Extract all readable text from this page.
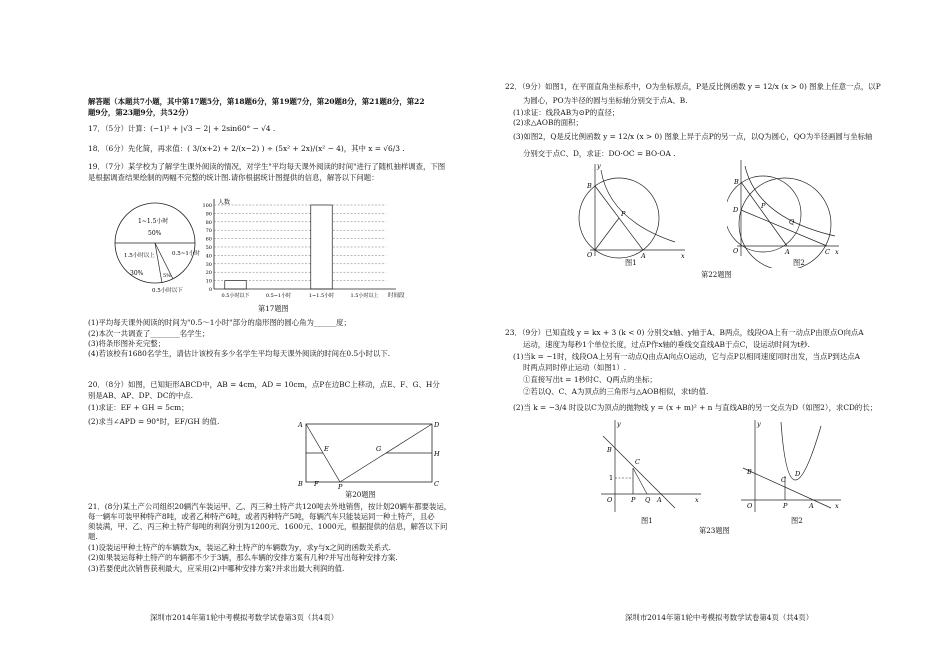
解答题（本题共7小题，其中第17题5分，第18题6分，第19题7分，第20题8分，第21题8分，第22
题9分，第23题9分，共52分）
17．（5分）计算：(−1)² + |√3 − 2| + 2sin60° − √4 .
18．（6分）先化简，再求值：( 3/(x+2) + 2/(x−2) ) ÷ (5x² + 2x)/(x² − 4)，其中 x = √6/3 .
19．（7分）某学校为了解学生课外阅读的情况，对学生"平均每天课外阅读的时间"进行了随机抽样调查，下图
是根据调查结果绘制的两幅不完整的统计图.请你根据统计图提供的信息，解答以下问题：
1~1.5小时
50%
0.5~1小时
1.5小时以上
30%	5%
0.5小时以下	0
10
20
30
40
50
60
70
80
90
100
0.5小时以下	0.5~1小时	1~1.5小时	1.5小时以上
人数
时间段
第17题图
(1)平均每天课外阅读的时间为"0.5～1小时"部分的扇形图的圆心角为______度；
(2)本次一共调查了________名学生；
(3)将条形图补充完整；
(4)若该校有1680名学生，请估计该校有多少名学生平均每天课外阅读的时间在0.5小时以下.
20．（8分）如图，已知矩形ABCD中，AB = 4cm，AD = 10cm，点P在边BC上移动，点E、F、G、H分
别是AB、AP、DP、DC的中点.
(1)求证：EF + GH = 5cm；
(2)求当∠APD = 90°时，EF/GH 的值.	A	D
E	G
H
B F	P	C
第20题图
21．(8分)某土产公司组织20辆汽车装运甲、乙、丙三种土特产共120吨去外地销售，按计划20辆车都要装运，
每一辆车可装甲种特产8吨，或者乙种特产6吨，或者丙种特产5吨，每辆汽车只能装运同一种土特产，且必
须装满，甲、乙、丙三种土特产每吨的利润分别为1200元、1600元、1000元，根据提供的信息，解答以下问
题.
(1)设装运甲种土特产的车辆数为x，装运乙种土特产的车辆数为y，求y与x之间的函数关系式.
(2)如果装运每种土特产的车辆都不少于3辆，那么车辆的安排方案有几种?并写出每种安排方案.
(3)若要使此次销售获利最大，应采用(2)中哪种安排方案?并求出最大利润的值.
深圳市2014年第1轮中考模拟考数学试卷第3页（共4页）
22．（9分）如图1，在平面直角坐标系中，O为坐标原点，P是反比例函数 y = 12/x (x > 0) 图象上任意一点，以P
为圆心，PO为半径的圆与坐标轴分别交于点A、B.
(1)求证：线段AB为⊙P的直径；
(2)求△AOB的面积；
(3)如图2，Q是反比例函数 y = 12/x (x > 0) 图象上异于点P的另一点，以Q为圆心，QO为半径画圆与坐标轴
分别交于点C、D，求证：DO·OC = BO·OA .
B
P
O	A	x
y
图1
B
D	P
Q
O	A	C x
图2
第22题图
23．（9分）已知直线 y = kx + 3 (k < 0) 分别交x轴、y轴于A、B两点，线段OA上有一动点P由原点O向点A
运动，速度为每秒1个单位长度，过点P作x轴的垂线交直线AB于点C，设运动时间为t秒.
(1)当k = −1时，线段OA上另有一动点Q由点A向点O运动，它与点P以相同速度同时出发，当点P到达点A
时两点同时停止运动（如图1）.
①直接写出t = 1秒时C、Q两点的坐标；
②若以Q、C、A为顶点的三角形与△AOB相似，求t的值.
(2)当 k = −3/4 时设以C为顶点的抛物线 y = (x + m)² + n 与直线AB的另一交点为D（如图2），求CD的长；
B
C
1
O	P Q A	x
y
图1
B	D
C
O	P	A	x
y
图2
第23题图
深圳市2014年第1轮中考模拟考数学试卷第4页（共4页）
